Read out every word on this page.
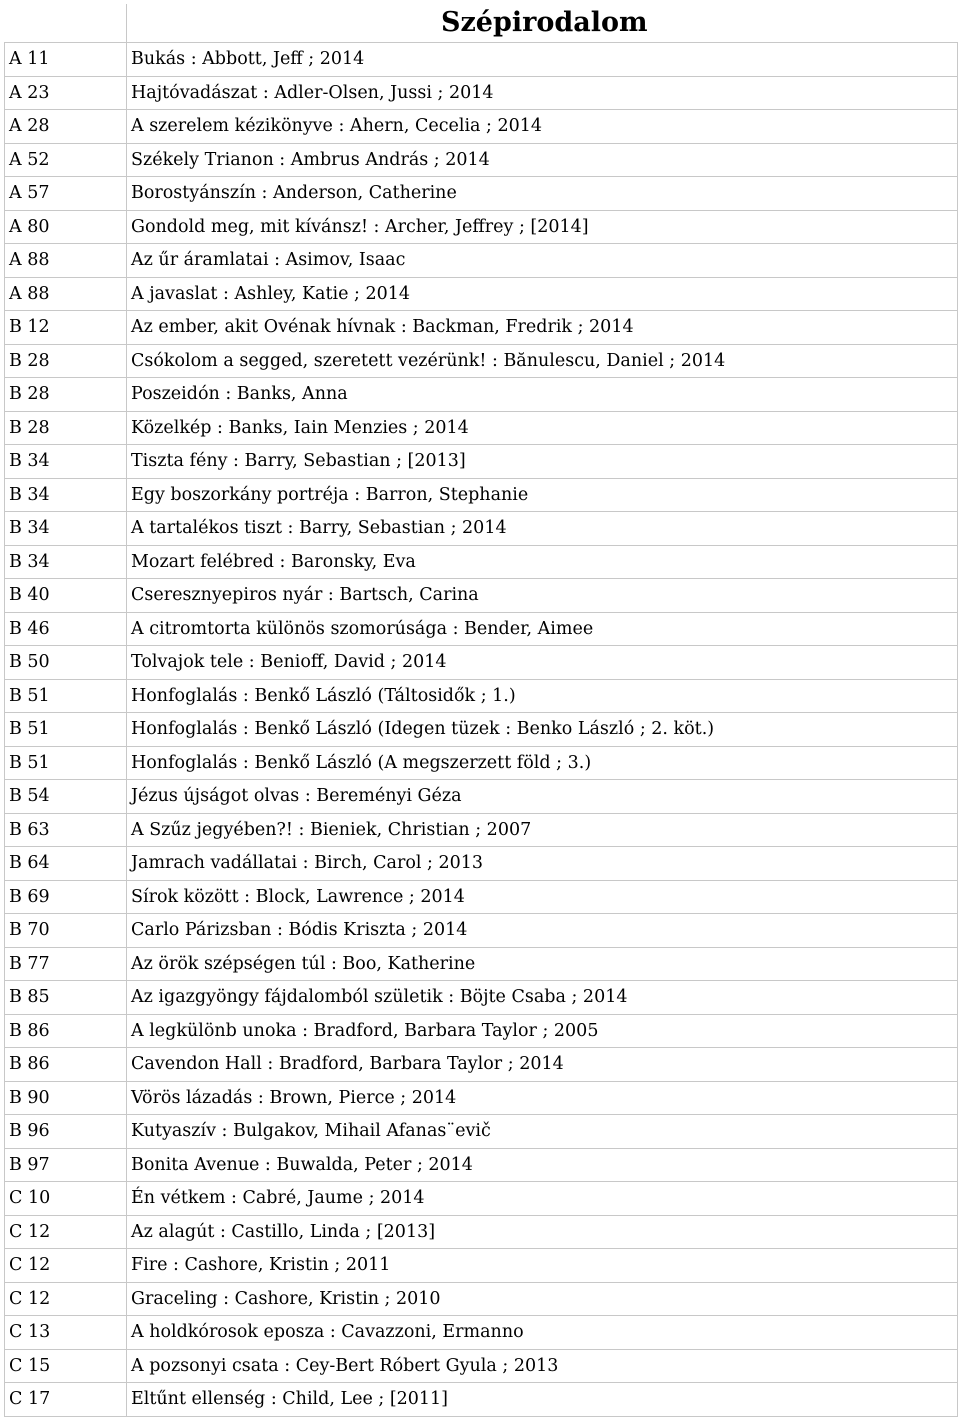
	Szépirodalom
A 11	Bukás : Abbott, Jeff ; 2014
A 23	Hajtóvadászat : Adler-Olsen, Jussi ; 2014
A 28	A szerelem kézikönyve : Ahern, Cecelia ; 2014
A 52	Székely Trianon : Ambrus András ; 2014
A 57	Borostyánszín : Anderson, Catherine
A 80	Gondold meg, mit kívánsz! : Archer, Jeffrey ; [2014]
A 88	Az űr áramlatai : Asimov, Isaac
A 88	A javaslat : Ashley, Katie ; 2014
B 12	Az ember, akit Ovénak hívnak : Backman, Fredrik ; 2014
B 28	Csókolom a segged, szeretett vezérünk! : Bănulescu, Daniel ; 2014
B 28	Poszeidón : Banks, Anna
B 28	Közelkép : Banks, Iain Menzies ; 2014
B 34	Tiszta fény : Barry, Sebastian ; [2013]
B 34	Egy boszorkány portréja : Barron, Stephanie
B 34	A tartalékos tiszt : Barry, Sebastian ; 2014
B 34	Mozart felébred : Baronsky, Eva
B 40	Cseresznyepiros nyár : Bartsch, Carina
B 46	A citromtorta különös szomorúsága : Bender, Aimee
B 50	Tolvajok tele : Benioff, David ; 2014
B 51	Honfoglalás : Benkő László (Táltosidők ; 1.)
B 51	Honfoglalás : Benkő László (Idegen tüzek : Benko László ; 2. köt.)
B 51	Honfoglalás : Benkő László (A megszerzett föld ; 3.)
B 54	Jézus újságot olvas : Bereményi Géza
B 63	A Szűz jegyében?! : Bieniek, Christian ; 2007
B 64	Jamrach vadállatai : Birch, Carol ; 2013
B 69	Sírok között : Block, Lawrence ; 2014
B 70	Carlo Párizsban : Bódis Kriszta ; 2014
B 77	Az örök szépségen túl : Boo, Katherine
B 85	Az igazgyöngy fájdalomból születik : Böjte Csaba ; 2014
B 86	A legkülönb unoka : Bradford, Barbara Taylor ; 2005
B 86	Cavendon Hall : Bradford, Barbara Taylor ; 2014
B 90	Vörös lázadás : Brown, Pierce ; 2014
B 96	Kutyaszív : Bulgakov, Mihail Afanas¨evič
B 97	Bonita Avenue : Buwalda, Peter ; 2014
C 10	Én vétkem : Cabré, Jaume ; 2014
C 12	Az alagút : Castillo, Linda ; [2013]
C 12	Fire : Cashore, Kristin ; 2011
C 12	Graceling : Cashore, Kristin ; 2010
C 13	A holdkórosok eposza : Cavazzoni, Ermanno
C 15	A pozsonyi csata : Cey-Bert Róbert Gyula ; 2013
C 17	Eltűnt ellenség : Child, Lee ; [2011]
